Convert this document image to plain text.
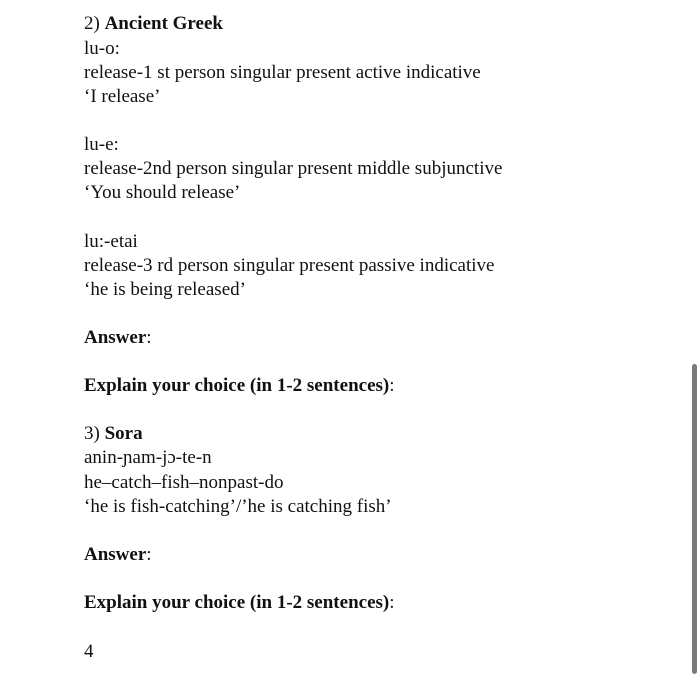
2) Ancient Greek

lu-o:

release-1 st person singular present active indicative

‘I release’

lu-e:

release-2nd person singular present middle subjunctive

‘You should release’

lu:-etai

release-3 rd person singular present passive indicative

‘he is being released’

Answer:

Explain your choice (in 1-2 sentences):

3) Sora

anin-ɲam-jɔ-te-n

he–catch–fish–nonpast-do

‘he is fish-catching’/’he is catching fish’

Answer:

Explain your choice (in 1-2 sentences):

4
